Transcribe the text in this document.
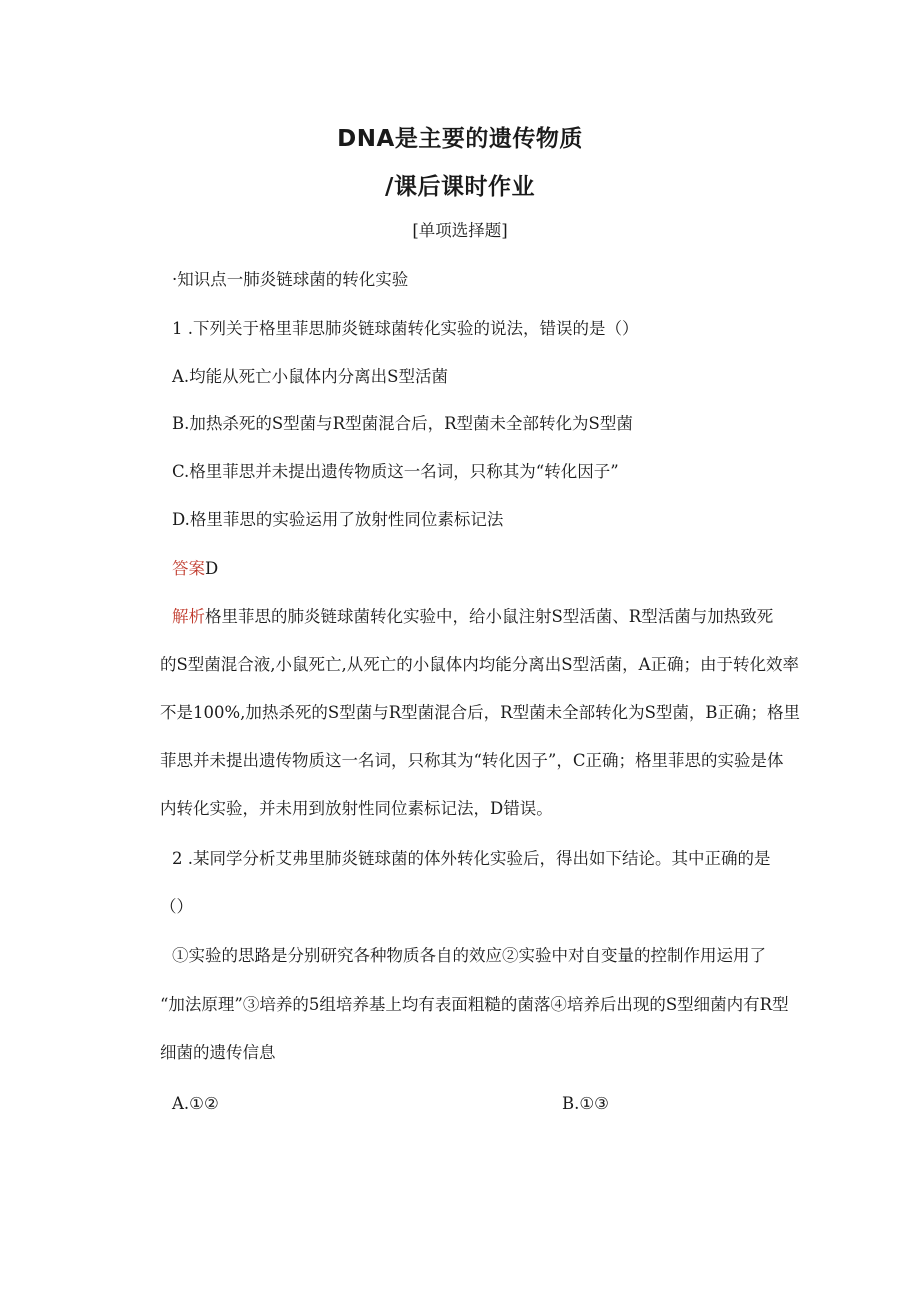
DNA是主要的遗传物质
/课后课时作业
[单项选择题]
·知识点一肺炎链球菌的转化实验
1 .下列关于格里菲思肺炎链球菌转化实验的说法，错误的是（）
A.均能从死亡小鼠体内分离出S型活菌
B.加热杀死的S型菌与R型菌混合后，R型菌未全部转化为S型菌
C.格里菲思并未提出遗传物质这一名词，只称其为“转化因子”
D.格里菲思的实验运用了放射性同位素标记法
答案D
解析格里菲思的肺炎链球菌转化实验中，给小鼠注射S型活菌、R型活菌与加热致死
的S型菌混合液,小鼠死亡,从死亡的小鼠体内均能分离出S型活菌，A正确；由于转化效率
不是100%,加热杀死的S型菌与R型菌混合后，R型菌未全部转化为S型菌，B正确；格里
菲思并未提出遗传物质这一名词，只称其为“转化因子”，C正确；格里菲思的实验是体
内转化实验，并未用到放射性同位素标记法，D错误。
2 .某同学分析艾弗里肺炎链球菌的体外转化实验后，得出如下结论。其中正确的是
（）
①实验的思路是分别研究各种物质各自的效应②实验中对自变量的控制作用运用了
“加法原理”③培养的5组培养基上均有表面粗糙的菌落④培养后出现的S型细菌内有R型
细菌的遗传信息
A.①②	B.①③
